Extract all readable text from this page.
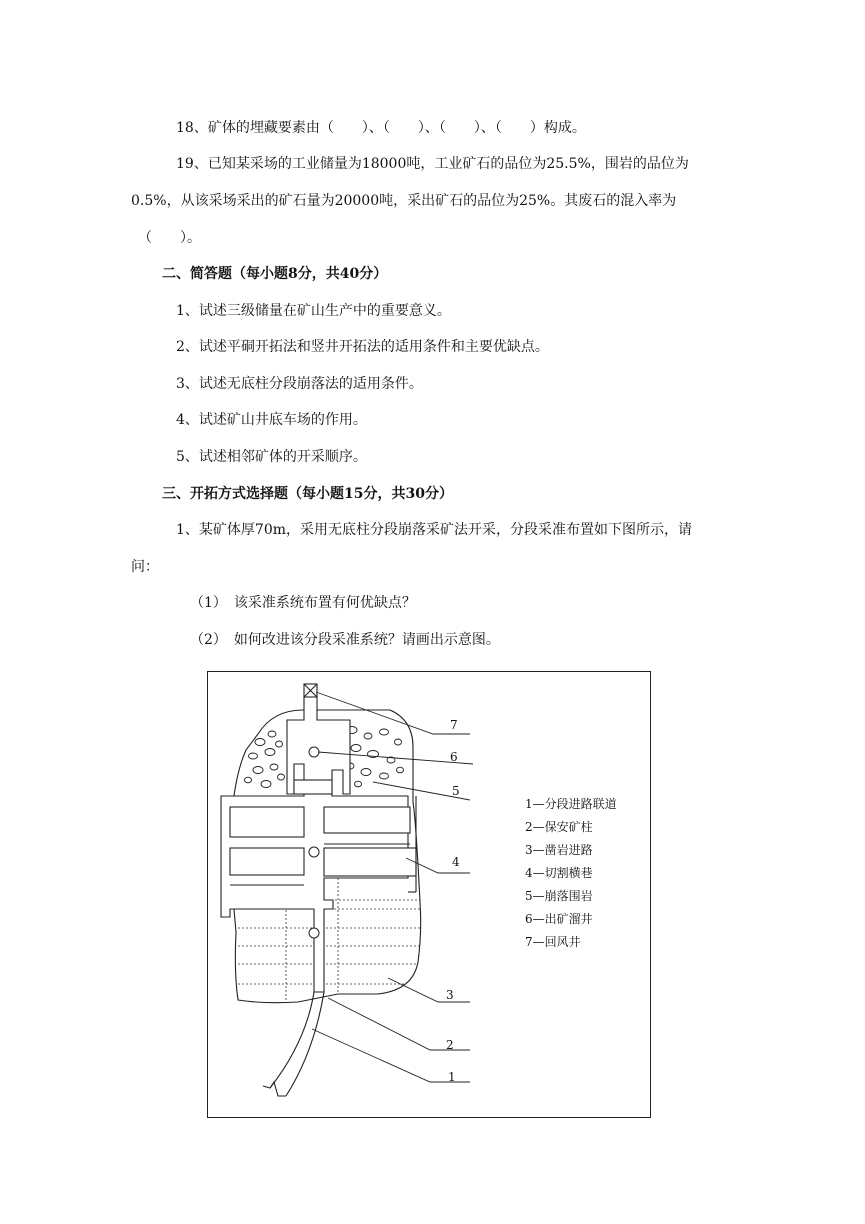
18、矿体的埋藏要素由（　　）、（　　）、（　　）、（　　）构成。
19、已知某采场的工业储量为18000吨，工业矿石的品位为25.5%，围岩的品位为
0.5%，从该采场采出的矿石量为20000吨，采出矿石的品位为25%。其废石的混入率为
（　　）。
二、简答题（每小题8分，共40分）
1、试述三级储量在矿山生产中的重要意义。
2、试述平硐开拓法和竖井开拓法的适用条件和主要优缺点。
3、试述无底柱分段崩落法的适用条件。
4、试述矿山井底车场的作用。
5、试述相邻矿体的开采顺序。
三、开拓方式选择题（每小题15分，共30分）
1、某矿体厚70m，采用无底柱分段崩落采矿法开采，分段采准布置如下图所示，请
问：
（1）　该采准系统布置有何优缺点？
（2）　如何改进该分段采准系统？请画出示意图。
7
6
5
4
3
2
1
1—分段进路联道
2—保安矿柱
3—凿岩进路
4—切割横巷
5—崩落围岩
6—出矿溜井
7—回风井
